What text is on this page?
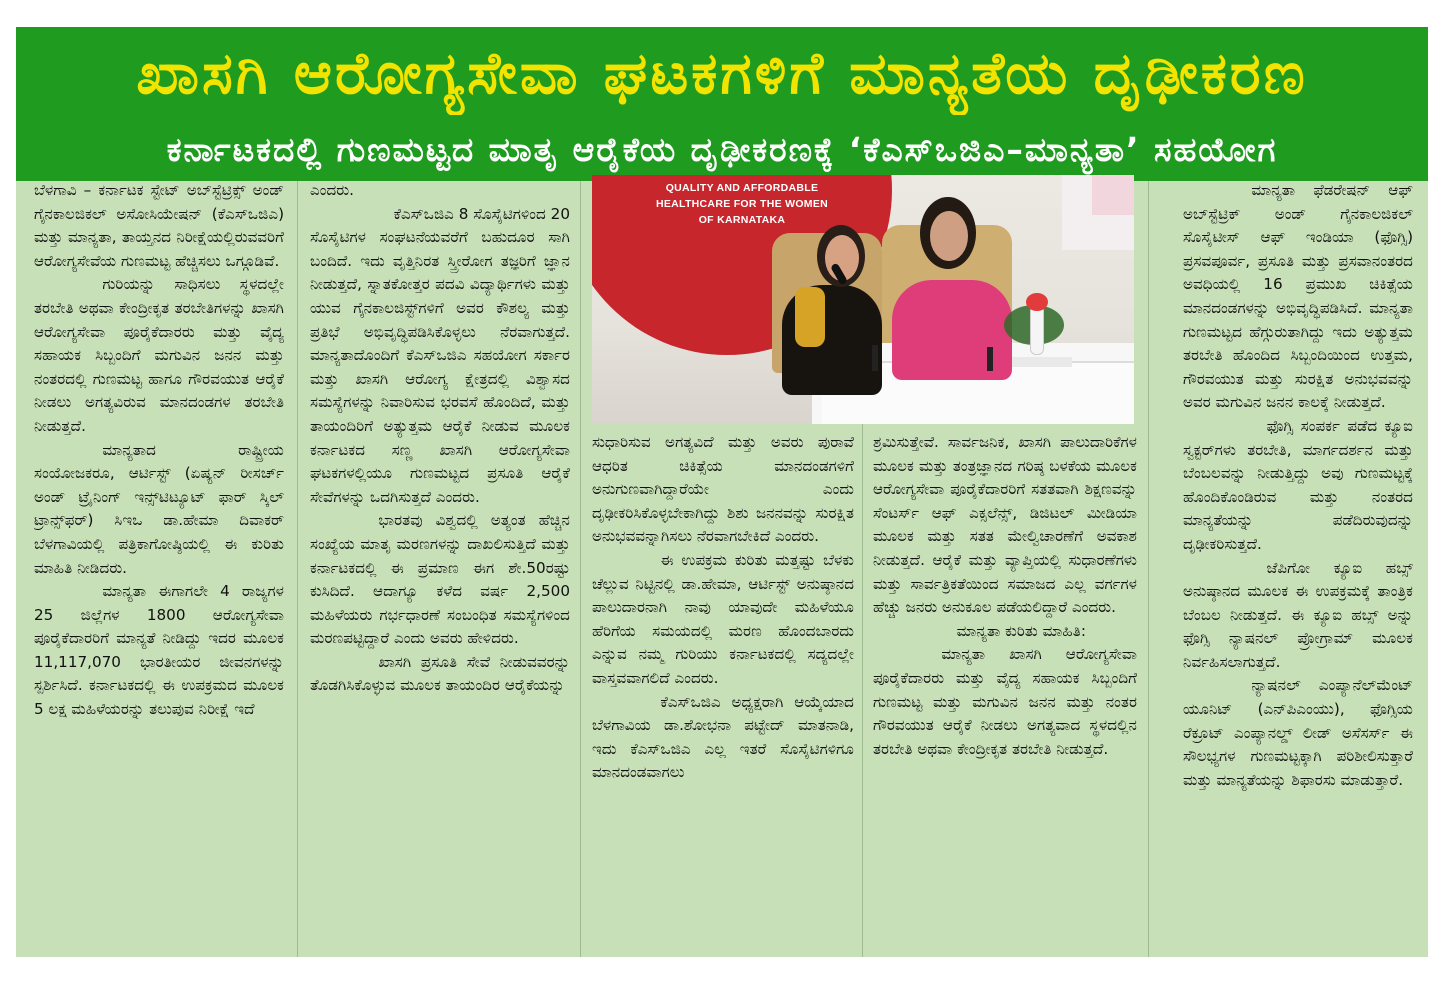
ಖಾಸಗಿ ಆರೋಗ್ಯಸೇವಾ ಘಟಕಗಳಿಗೆ ಮಾನ್ಯತೆಯ ದೃಢೀಕರಣ
ಕರ್ನಾಟಕದಲ್ಲಿ ಗುಣಮಟ್ಟದ ಮಾತೃ ಆರೈಕೆಯ ದೃಢೀಕರಣಕ್ಕೆ ‘ಕೆಎಸ್‌ಒಜಿಎ–ಮಾನ್ಯತಾ’ ಸಹಯೋಗ

ಬೆಳಗಾವಿ – ಕರ್ನಾಟಕ ಸ್ಟೇಟ್ ಅಬ್‌ಸ್ಟೆಟ್ರಿಕ್ಸ್ ಅಂಡ್ ಗೈನಕಾಲಜಿಕಲ್ ಅಸೋಸಿಯೇಷನ್ (ಕೆಎಸ್‌ಒಜಿಎ) ಮತ್ತು ಮಾನ್ಯತಾ, ತಾಯ್ತನದ ನಿರೀಕ್ಷೆಯಲ್ಲಿರುವವರಿಗೆ ಆರೋಗ್ಯಸೇವೆಯ ಗುಣಮಟ್ಟ ಹೆಚ್ಚಿಸಲು ಒಗ್ಗೂಡಿವೆ.

ಗುರಿಯನ್ನು ಸಾಧಿಸಲು ಸ್ಥಳದಲ್ಲೇ ತರಬೇತಿ ಅಥವಾ ಕೇಂದ್ರೀಕೃತ ತರಬೇತಿಗಳನ್ನು ಖಾಸಗಿ ಆರೋಗ್ಯಸೇವಾ ಪೂರೈಕೆದಾರರು ಮತ್ತು ವೈದ್ಯ ಸಹಾಯಕ ಸಿಬ್ಬಂದಿಗೆ ಮಗುವಿನ ಜನನ ಮತ್ತು ನಂತರದಲ್ಲಿ ಗುಣಮಟ್ಟ ಹಾಗೂ ಗೌರವಯುತ ಆರೈಕೆ ನೀಡಲು ಅಗತ್ಯವಿರುವ ಮಾನದಂಡಗಳ ತರಬೇತಿ ನೀಡುತ್ತದೆ.

ಮಾನ್ಯತಾದ ರಾಷ್ಟ್ರೀಯ ಸಂಯೋಜಕರೂ, ಆರ್ಟಿಸ್ಟ್ (ಏಷ್ಯನ್ ರೀಸರ್ಚ್ ಅಂಡ್ ಟ್ರೈನಿಂಗ್ ಇನ್ಸ್‌ಟಿಟ್ಯೂಟ್ ಫಾರ್ ಸ್ಕಿಲ್ ಟ್ರಾನ್ಸ್‌ಫರ್) ಸಿಇಒ ಡಾ.ಹೇಮಾ ದಿವಾಕರ್ ಬೆಳಗಾವಿಯಲ್ಲಿ ಪತ್ರಿಕಾಗೋಷ್ಠಿಯಲ್ಲಿ ಈ ಕುರಿತು ಮಾಹಿತಿ ನೀಡಿದರು.

ಮಾನ್ಯತಾ ಈಗಾಗಲೇ 4 ರಾಜ್ಯಗಳ 25 ಜಿಲ್ಲೆಗಳ 1800 ಆರೋಗ್ಯಸೇವಾ ಪೂರೈಕೆದಾರರಿಗೆ ಮಾನ್ಯತೆ ನೀಡಿದ್ದು ಇದರ ಮೂಲಕ 11,117,070 ಭಾರತೀಯರ ಜೀವನಗಳನ್ನು ಸ್ಪರ್ಶಿಸಿದೆ. ಕರ್ನಾಟಕದಲ್ಲಿ ಈ ಉಪಕ್ರಮದ ಮೂಲಕ 5 ಲಕ್ಷ ಮಹಿಳೆಯರನ್ನು ತಲುಪುವ ನಿರೀಕ್ಷೆ ಇದೆ

ಎಂದರು.

ಕೆಎಸ್‌ಒಜಿಎ 8 ಸೊಸೈಟಿಗಳಿಂದ 20 ಸೊಸೈಟಿಗಳ ಸಂಘಟನೆಯವರೆಗೆ ಬಹುದೂರ ಸಾಗಿ ಬಂದಿದೆ. ಇದು ವೃತ್ತಿನಿರತ ಸ್ತ್ರೀರೋಗ ತಜ್ಞರಿಗೆ ಜ್ಞಾನ ನೀಡುತ್ತದೆ, ಸ್ನಾತಕೋತ್ತರ ಪದವಿ ವಿದ್ಯಾರ್ಥಿಗಳು ಮತ್ತು ಯುವ ಗೈನಕಾಲಜಿಸ್ಟ್‌ಗಳಿಗೆ ಅವರ ಕೌಶಲ್ಯ ಮತ್ತು ಪ್ರತಿಭೆ ಅಭಿವೃದ್ಧಿಪಡಿಸಿಕೊಳ್ಳಲು ನೆರವಾಗುತ್ತದೆ. ಮಾನ್ಯತಾದೊಂದಿಗೆ ಕೆಎಸ್‌ಒಜಿಎ ಸಹಯೋಗ ಸರ್ಕಾರ ಮತ್ತು ಖಾಸಗಿ ಆರೋಗ್ಯ ಕ್ಷೇತ್ರದಲ್ಲಿ ವಿಶ್ವಾಸದ ಸಮಸ್ಯೆಗಳನ್ನು ನಿವಾರಿಸುವ ಭರವಸೆ ಹೊಂದಿದೆ, ಮತ್ತು ತಾಯಂದಿರಿಗೆ ಅತ್ಯುತ್ತಮ ಆರೈಕೆ ನೀಡುವ ಮೂಲಕ ಕರ್ನಾಟಕದ ಸಣ್ಣ ಖಾಸಗಿ ಆರೋಗ್ಯಸೇವಾ ಘಟಕಗಳಲ್ಲಿಯೂ ಗುಣಮಟ್ಟದ ಪ್ರಸೂತಿ ಆರೈಕೆ ಸೇವೆಗಳನ್ನು ಒದಗಿಸುತ್ತದೆ ಎಂದರು.

ಭಾರತವು ವಿಶ್ವದಲ್ಲಿ ಅತ್ಯಂತ ಹೆಚ್ಚಿನ ಸಂಖ್ಯೆಯ ಮಾತೃ ಮರಣಗಳನ್ನು ದಾಖಲಿಸುತ್ತಿದೆ ಮತ್ತು ಕರ್ನಾಟಕದಲ್ಲಿ ಈ ಪ್ರಮಾಣ ಈಗ ಶೇ.50ರಷ್ಟು ಕುಸಿದಿದೆ. ಆದಾಗ್ಯೂ ಕಳೆದ ವರ್ಷ 2,500 ಮಹಿಳೆಯರು ಗರ್ಭಧಾರಣೆ ಸಂಬಂಧಿತ ಸಮಸ್ಯೆಗಳಿಂದ ಮರಣಪಟ್ಟಿದ್ದಾರೆ ಎಂದು ಅವರು ಹೇಳಿದರು.

ಖಾಸಗಿ ಪ್ರಸೂತಿ ಸೇವೆ ನೀಡುವವರನ್ನು ತೊಡಗಿಸಿಕೊಳ್ಳುವ ಮೂಲಕ ತಾಯಂದಿರ ಆರೈಕೆಯನ್ನು

QUALITY AND AFFORDABLE HEALTHCARE FOR THE WOMEN OF KARNATAKA

ಸುಧಾರಿಸುವ ಅಗತ್ಯವಿದೆ ಮತ್ತು ಅವರು ಪುರಾವೆ ಆಧರಿತ ಚಿಕಿತ್ಸೆಯ ಮಾನದಂಡಗಳಿಗೆ ಅನುಗುಣವಾಗಿದ್ದಾರೆಯೇ ಎಂದು ದೃಢೀಕರಿಸಿಕೊಳ್ಳಬೇಕಾಗಿದ್ದು ಶಿಶು ಜನನವನ್ನು ಸುರಕ್ಷಿತ ಅನುಭವವನ್ನಾಗಿಸಲು ನೆರವಾಗಬೇಕಿದೆ ಎಂದರು.

ಈ ಉಪಕ್ರಮ ಕುರಿತು ಮತ್ತಷ್ಟು ಬೆಳಕು ಚೆಲ್ಲುವ ನಿಟ್ಟಿನಲ್ಲಿ ಡಾ.ಹೇಮಾ, ಆರ್ಟಿಸ್ಟ್ ಅನುಷ್ಠಾನದ ಪಾಲುದಾರನಾಗಿ ನಾವು ಯಾವುದೇ ಮಹಿಳೆಯೂ ಹೆರಿಗೆಯ ಸಮಯದಲ್ಲಿ ಮರಣ ಹೊಂದಬಾರದು ಎನ್ನುವ ನಮ್ಮ ಗುರಿಯು ಕರ್ನಾಟಕದಲ್ಲಿ ಸದ್ಯದಲ್ಲೇ ವಾಸ್ತವವಾಗಲಿದೆ ಎಂದರು.

ಕೆಎಸ್‌ಒಜಿಎ ಅಧ್ಯಕ್ಷರಾಗಿ ಆಯ್ಕೆಯಾದ ಬೆಳಗಾವಿಯ ಡಾ.ಶೋಭನಾ ಪಟ್ಟೇದ್ ಮಾತನಾಡಿ, ಇದು ಕೆಎಸ್‌ಒಜಿಎ ಎಲ್ಲ ಇತರೆ ಸೊಸೈಟಿಗಳಿಗೂ ಮಾನದಂಡವಾಗಲು

ಶ್ರಮಿಸುತ್ತೇವೆ. ಸಾರ್ವಜನಿಕ, ಖಾಸಗಿ ಪಾಲುದಾರಿಕೆಗಳ ಮೂಲಕ ಮತ್ತು ತಂತ್ರಜ್ಞಾನದ ಗರಿಷ್ಠ ಬಳಕೆಯ ಮೂಲಕ ಆರೋಗ್ಯಸೇವಾ ಪೂರೈಕೆದಾರರಿಗೆ ಸತತವಾಗಿ ಶಿಕ್ಷಣವನ್ನು ಸೆಂಟರ್ಸ್ ಆಫ್ ಎಕ್ಸಲೆನ್ಸ್, ಡಿಜಿಟಲ್ ಮೀಡಿಯಾ ಮೂಲಕ ಮತ್ತು ಸತತ ಮೇಲ್ವಿಚಾರಣೆಗೆ ಅವಕಾಶ ನೀಡುತ್ತದೆ. ಆರೈಕೆ ಮತ್ತು ವ್ಯಾಪ್ತಿಯಲ್ಲಿ ಸುಧಾರಣೆಗಳು ಮತ್ತು ಸಾರ್ವತ್ರಿಕತೆಯಿಂದ ಸಮಾಜದ ಎಲ್ಲ ವರ್ಗಗಳ ಹೆಚ್ಚು ಜನರು ಅನುಕೂಲ ಪಡೆಯಲಿದ್ದಾರೆ ಎಂದರು.

ಮಾನ್ಯತಾ ಕುರಿತು ಮಾಹಿತಿ:

ಮಾನ್ಯತಾ ಖಾಸಗಿ ಆರೋಗ್ಯಸೇವಾ ಪೂರೈಕೆದಾರರು ಮತ್ತು ವೈದ್ಯ ಸಹಾಯಕ ಸಿಬ್ಬಂದಿಗೆ ಗುಣಮಟ್ಟ ಮತ್ತು ಮಗುವಿನ ಜನನ ಮತ್ತು ನಂತರ ಗೌರವಯುತ ಆರೈಕೆ ನೀಡಲು ಅಗತ್ಯವಾದ ಸ್ಥಳದಲ್ಲಿನ ತರಬೇತಿ ಅಥವಾ ಕೇಂದ್ರೀಕೃತ ತರಬೇತಿ ನೀಡುತ್ತದೆ.

ಮಾನ್ಯತಾ ಫೆಡರೇಷನ್ ಆಫ್ ಅಬ್‌ಸ್ಟೆಟ್ರಿಕ್ ಅಂಡ್ ಗೈನಕಾಲಜಿಕಲ್ ಸೊಸೈಟೀಸ್ ಆಫ್ ಇಂಡಿಯಾ (ಫೊಗ್ಸಿ) ಪ್ರಸವಪೂರ್ವ, ಪ್ರಸೂತಿ ಮತ್ತು ಪ್ರಸವಾನಂತರದ ಅವಧಿಯಲ್ಲಿ 16 ಪ್ರಮುಖ ಚಿಕಿತ್ಸೆಯ ಮಾನದಂಡಗಳನ್ನು ಅಭಿವೃದ್ಧಿಪಡಿಸಿದೆ. ಮಾನ್ಯತಾ ಗುಣಮಟ್ಟದ ಹೆಗ್ಗುರುತಾಗಿದ್ದು ಇದು ಅತ್ಯುತ್ತಮ ತರಬೇತಿ ಹೊಂದಿದ ಸಿಬ್ಬಂದಿಯಿಂದ ಉತ್ತಮ, ಗೌರವಯುತ ಮತ್ತು ಸುರಕ್ಷಿತ ಅನುಭವವನ್ನು ಅವರ ಮಗುವಿನ ಜನನ ಕಾಲಕ್ಕೆ ನೀಡುತ್ತದೆ.

ಫೊಗ್ಸಿ ಸಂಪರ್ಕ ಪಡೆದ ಕ್ಯೂಐ ಸ್ವಕ್ಟರ್‌ಗಳು ತರಬೇತಿ, ಮಾರ್ಗದರ್ಶನ ಮತ್ತು ಬೆಂಬಲವನ್ನು ನೀಡುತ್ತಿದ್ದು ಅವು ಗುಣಮಟ್ಟಕ್ಕೆ ಹೊಂದಿಕೊಂಡಿರುವ ಮತ್ತು ನಂತರದ ಮಾನ್ಯತೆಯನ್ನು ಪಡೆದಿರುವುದನ್ನು ದೃಢೀಕರಿಸುತ್ತದೆ.

ಜೆಪಿಗೋ ಕ್ಯೂಐ ಹಬ್ಸ್ ಅನುಷ್ಠಾನದ ಮೂಲಕ ಈ ಉಪಕ್ರಮಕ್ಕೆ ತಾಂತ್ರಿಕ ಬೆಂಬಲ ನೀಡುತ್ತದೆ. ಈ ಕ್ಯೂಐ ಹಬ್ಸ್ ಅನ್ನು ಫೊಗ್ಸಿ ನ್ಯಾಷನಲ್ ಪ್ರೋಗ್ರಾಮ್ ಮೂಲಕ ನಿರ್ವಹಿಸಲಾಗುತ್ತದೆ.

ನ್ಯಾಷನಲ್ ಎಂಪ್ಯಾನೆಲ್‌ಮೆಂಟ್ ಯೂನಿಟ್ (ಎನ್‌ಪಿಎಂಯು), ಫೊಗ್ಸಿಯ ರೆಕ್ರೂಟ್ ಎಂಪ್ಯಾನಲ್ಡ್ ಲೀಡ್ ಅಸೆಸರ್ಸ್ ಈ ಸೌಲಭ್ಯಗಳ ಗುಣಮಟ್ಟಕ್ಕಾಗಿ ಪರಿಶೀಲಿಸುತ್ತಾರೆ ಮತ್ತು ಮಾನ್ಯತೆಯನ್ನು ಶಿಫಾರಸು ಮಾಡುತ್ತಾರೆ.
